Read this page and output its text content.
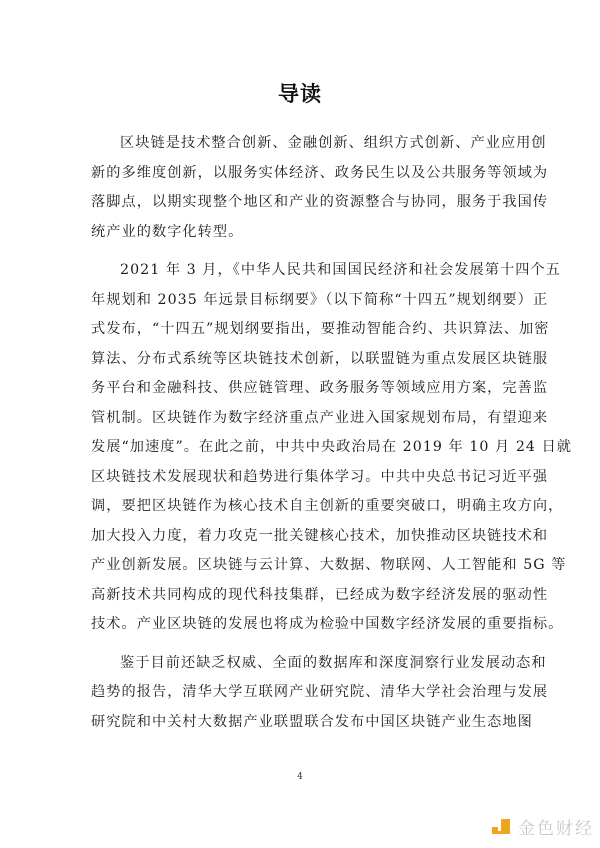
导读
区块链是技术整合创新、金融创新、组织方式创新、产业应用创
新的多维度创新，以服务实体经济、政务民生以及公共服务等领域为
落脚点，以期实现整个地区和产业的资源整合与协同，服务于我国传
统产业的数字化转型。
2021 年 3 月，《中华人民共和国国民经济和社会发展第十四个五
年规划和 2035 年远景目标纲要》（以下简称“十四五”规划纲要）正
式发布，“十四五”规划纲要指出，要推动智能合约、共识算法、加密
算法、分布式系统等区块链技术创新，以联盟链为重点发展区块链服
务平台和金融科技、供应链管理、政务服务等领域应用方案，完善监
管机制。区块链作为数字经济重点产业进入国家规划布局，有望迎来
发展“加速度”。在此之前，中共中央政治局在 2019 年 10 月 24 日就
区块链技术发展现状和趋势进行集体学习。中共中央总书记习近平强
调，要把区块链作为核心技术自主创新的重要突破口，明确主攻方向，
加大投入力度，着力攻克一批关键核心技术，加快推动区块链技术和
产业创新发展。区块链与云计算、大数据、物联网、人工智能和 5G 等
高新技术共同构成的现代科技集群，已经成为数字经济发展的驱动性
技术。产业区块链的发展也将成为检验中国数字经济发展的重要指标。
鉴于目前还缺乏权威、全面的数据库和深度洞察行业发展动态和
趋势的报告，清华大学互联网产业研究院、清华大学社会治理与发展
研究院和中关村大数据产业联盟联合发布中国区块链产业生态地图
4
金色财经
